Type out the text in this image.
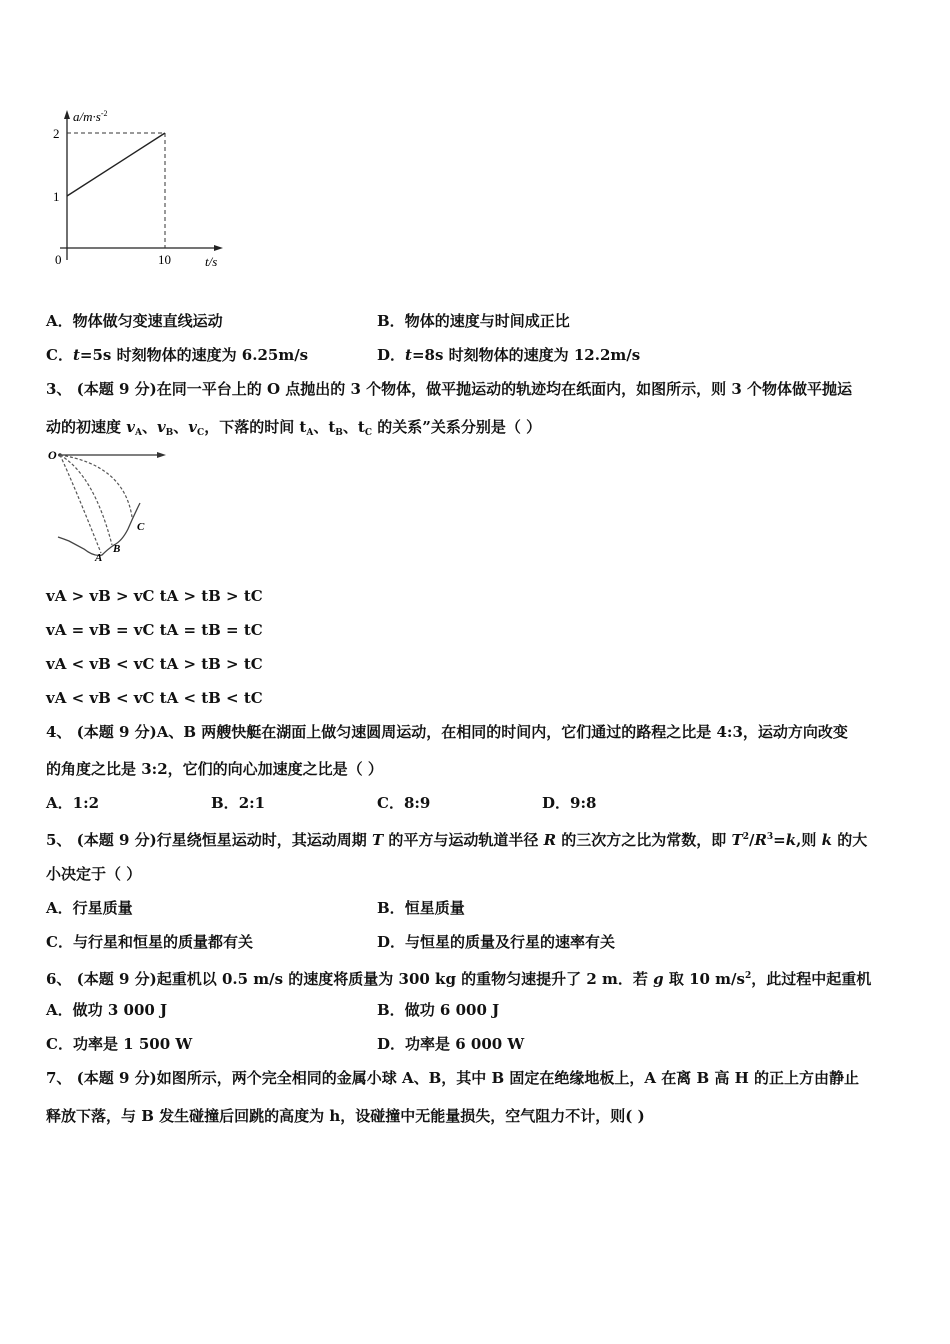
$a/m\cdot s^{-2}$
2
1
0	10	t/s
A．物体做匀变速直线运动	B．物体的速度与时间成正比
C．t=5s 时刻物体的速度为 6.25m/s	D．t=8s 时刻物体的速度为 12.2m/s
3、 (本题 9 分)在同一平台上的 O 点抛出的 3 个物体，做平抛运动的轨迹均在纸面内，如图所示，则 3 个物体做平抛运
动的初速度 $v_A$、$v_B$、$v_C$，下落的时间 $t_A$、$t_B$、$t_C$ 的关系”关系分别是（ ）
O
A
B
C
vA > vB > vC tA > tB > tC
vA = vB = vC tA = tB = tC
vA < vB < vC tA > tB > tC
vA < vB < vC tA < tB < tC
4、 (本题 9 分)A、B 两艘快艇在湖面上做匀速圆周运动，在相同的时间内，它们通过的路程之比是 4:3，运动方向改变
的角度之比是 3:2，它们的向心加速度之比是（ ）
A．1:2	B．2:1	C．8:9	D．9:8
5、 (本题 9 分)行星绕恒星运动时，其运动周期 T 的平方与运动轨道半径 R 的三次方之比为常数，即 $T^2/R^3=k$,则 k 的大
小决定于（ ）
A．行星质量	B．恒星质量
C．与行星和恒星的质量都有关	D．与恒星的质量及行星的速率有关
6、 (本题 9 分)起重机以 0.5 m/s 的速度将质量为 300 kg 的重物匀速提升了 2 m．若 g 取 10 $m/s^2$，此过程中起重机
A．做功 3 000 J	B．做功 6 000 J
C．功率是 1 500 W	D．功率是 6 000 W
7、 (本题 9 分)如图所示，两个完全相同的金属小球 A、B，其中 B 固定在绝缘地板上，A 在离 B 高 H 的正上方由静止
释放下落，与 B 发生碰撞后回跳的高度为 h，设碰撞中无能量损失，空气阻力不计，则( )
